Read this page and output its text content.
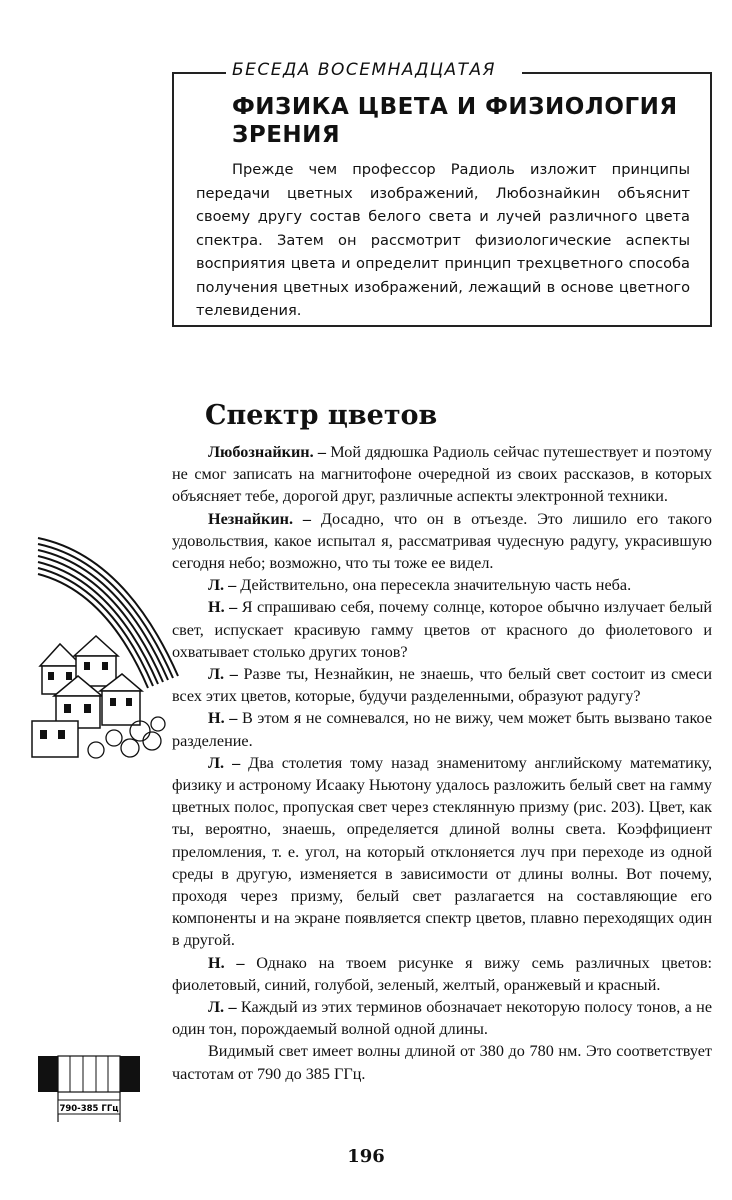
БЕСЕДА ВОСЕМНАДЦАТАЯ
ФИЗИКА ЦВЕТА И ФИЗИОЛОГИЯ ЗРЕНИЯ
Прежде чем профессор Радиоль изложит принципы передачи цветных изображений, Любознайкин объяснит своему другу состав белого света и лучей различного цвета спектра. Затем он рассмотрит физиологические аспекты восприятия цвета и определит принцип трехцветного способа получения цветных изображений, лежащий в основе цветного телевидения.
Спектр цветов

Любознайкин. – Мой дядюшка Радиоль сейчас путешествует и поэтому не смог записать на магнитофоне очередной из своих рассказов, в которых объясняет тебе, дорогой друг, различные аспекты электронной техники.

Незнайкин. – Досадно, что он в отъезде. Это лишило его такого удовольствия, какое испытал я, рассматривая чудесную радугу, украсившую сегодня небо; возможно, что ты тоже ее видел.

Л. – Действительно, она пересекла значительную часть неба.

Н. – Я спрашиваю себя, почему солнце, которое обычно излучает белый свет, испускает красивую гамму цветов от красного до фиолетового и охватывает столько других тонов?

Л. – Разве ты, Незнайкин, не знаешь, что белый свет состоит из смеси всех этих цветов, которые, будучи разделенными, образуют радугу?

Н. – В этом я не сомневался, но не вижу, чем может быть вызвано такое разделение.

Л. – Два столетия тому назад знаменитому английскому математику, физику и астроному Исааку Ньютону удалось разложить белый свет на гамму цветных полос, пропуская свет через стеклянную призму (рис. 203). Цвет, как ты, вероятно, знаешь, определяется длиной волны света. Коэффициент преломления, т. е. угол, на который отклоняется луч при переходе из одной среды в другую, изменяется в зависимости от длины волны. Вот почему, проходя через призму, белый свет разлагается на составляющие его компоненты и на экране появляется спектр цветов, плавно переходящих один в другой.

Н. – Однако на твоем рисунке я вижу семь различных цветов: фиолетовый, синий, голубой, зеленый, желтый, оранжевый и красный.

Л. – Каждый из этих терминов обозначает некоторую полосу тонов, а не один тон, порождаемый волной одной длины.

Видимый свет имеет волны длиной от 380 до 780 нм. Это соответствует частотам от 790 до 385 ГГц.

790-385 ГГц
196
